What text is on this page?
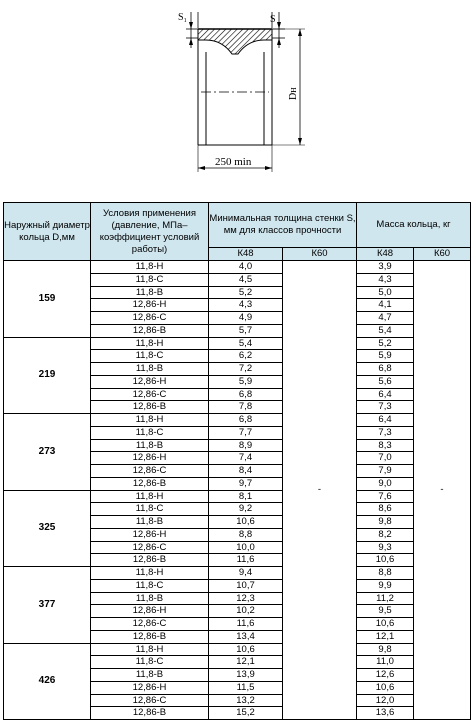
S₁	S
Dн
250 min
Наружный диаметр кольца D,мм	Условия применения (давление, МПа– коэффициент условий работы)	Минимальная толщина стенки S, мм для классов прочности		Масса кольца, кг	
		К48	К60	К48	К60
159	11,8-Н	4,0	-	3,9	-
	11,8-С	4,5		4,3	
	11,8-В	5,2		5,0	
	12,86-Н	4,3		4,1	
	12,86-С	4,9		4,7	
	12,86-В	5,7		5,4	
219	11,8-Н	5,4		5,2	
	11,8-С	6,2		5,9	
	11,8-В	7,2		6,8	
	12,86-Н	5,9		5,6	
	12,86-С	6,8		6,4	
	12,86-В	7,8		7,3	
273	11,8-Н	6,8		6,4	
	11,8-С	7,7		7,3	
	11,8-В	8,9		8,3	
	12,86-Н	7,4		7,0	
	12,86-С	8,4		7,9	
	12,86-В	9,7		9,0	
325	11,8-Н	8,1		7,6	
	11,8-С	9,2		8,6	
	11,8-В	10,6		9,8	
	12,86-Н	8,8		8,2	
	12,86-С	10,0		9,3	
	12,86-В	11,6		10,6	
377	11,8-Н	9,4		8,8	
	11,8-С	10,7		9,9	
	11,8-В	12,3		11,2	
	12,86-Н	10,2		9,5	
	12,86-С	11,6		10,6	
	12,86-В	13,4		12,1	
426	11,8-Н	10,6		9,8	
	11,8-С	12,1		11,0	
	11,8-В	13,9		12,6	
	12,86-Н	11,5		10,6	
	12,86-С	13,2		12,0	
	12,86-В	15,2		13,6	
